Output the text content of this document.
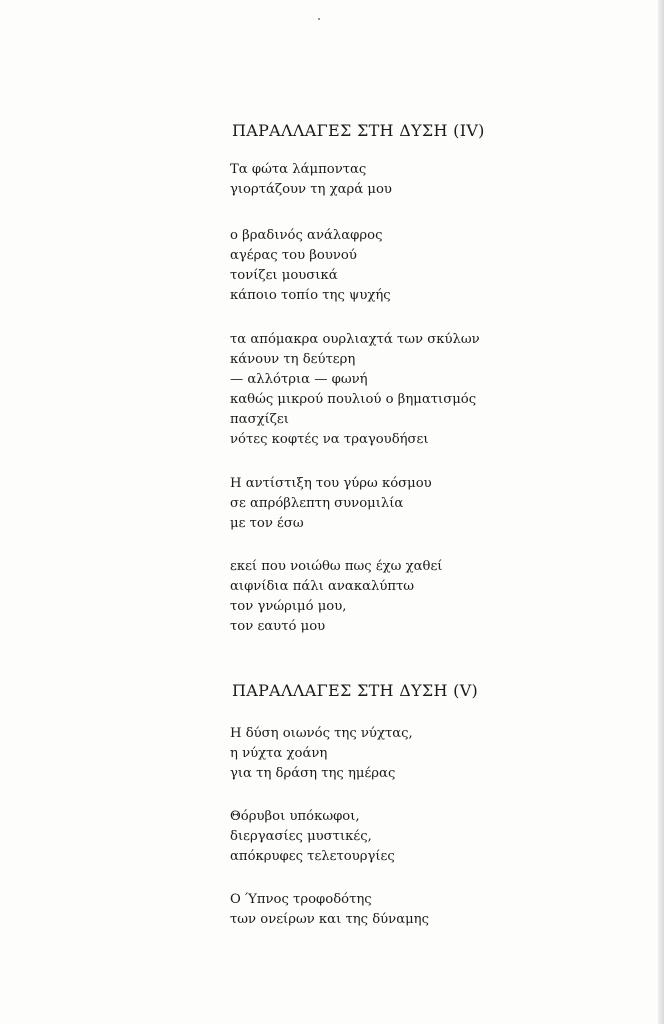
ΠΑΡΑΛΛΑΓΕΣ ΣΤΗ ΔΥΣΗ (IV)
Τα φώτα λάμποντας
γιορτάζουν τη χαρά μου
ο βραδινός ανάλαφρος
αγέρας του βουνού
τονίζει μουσικά
κάποιο τοπίο της ψυχής
τα απόμακρα ουρλιαχτά των σκύλων
κάνουν τη δεύτερη
— αλλότρια — φωνή
καθώς μικρού πουλιού ο βηματισμός
πασχίζει
νότες κοφτές να τραγουδήσει
Η αντίστιξη του γύρω κόσμου
σε απρόβλεπτη συνομιλία
με τον έσω
εκεί που νοιώθω πως έχω χαθεί
αιφνίδια πάλι ανακαλύπτω
τον γνώριμό μου,
τον εαυτό μου
ΠΑΡΑΛΛΑΓΕΣ ΣΤΗ ΔΥΣΗ (V)
Η δύση οιωνός της νύχτας,
η νύχτα χοάνη
για τη δράση της ημέρας
Θόρυβοι υπόκωφοι,
διεργασίες μυστικές,
απόκρυφες τελετουργίες
Ο Ύπνος τροφοδότης
των ονείρων και της δύναμης
